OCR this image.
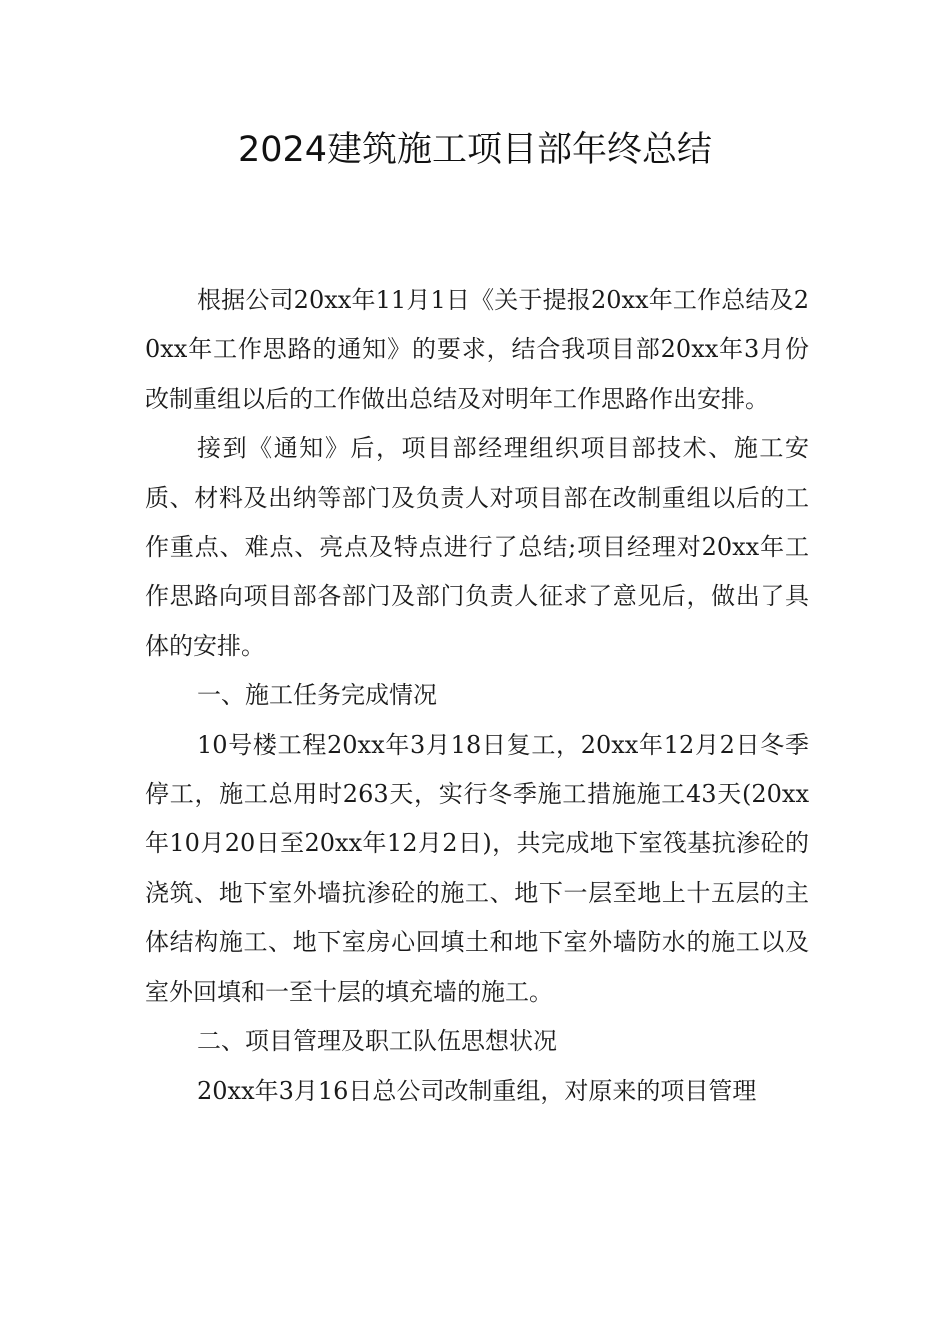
2024建筑施工项目部年终总结

根据公司20xx年11月1日《关于提报20xx年工作总结及20xx年工作思路的通知》的要求，结合我项目部20xx年3月份改制重组以后的工作做出总结及对明年工作思路作出安排。

接到《通知》后，项目部经理组织项目部技术、施工安质、材料及出纳等部门及负责人对项目部在改制重组以后的工作重点、难点、亮点及特点进行了总结;项目经理对20xx年工作思路向项目部各部门及部门负责人征求了意见后，做出了具体的安排。

一、施工任务完成情况

10号楼工程20xx年3月18日复工，20xx年12月2日冬季停工，施工总用时263天，实行冬季施工措施施工43天(20xx年10月20日至20xx年12月2日)，共完成地下室筏基抗渗砼的浇筑、地下室外墙抗渗砼的施工、地下一层至地上十五层的主体结构施工、地下室房心回填土和地下室外墙防水的施工以及室外回填和一至十层的填充墙的施工。

二、项目管理及职工队伍思想状况

20xx年3月16日总公司改制重组，对原来的项目管理
